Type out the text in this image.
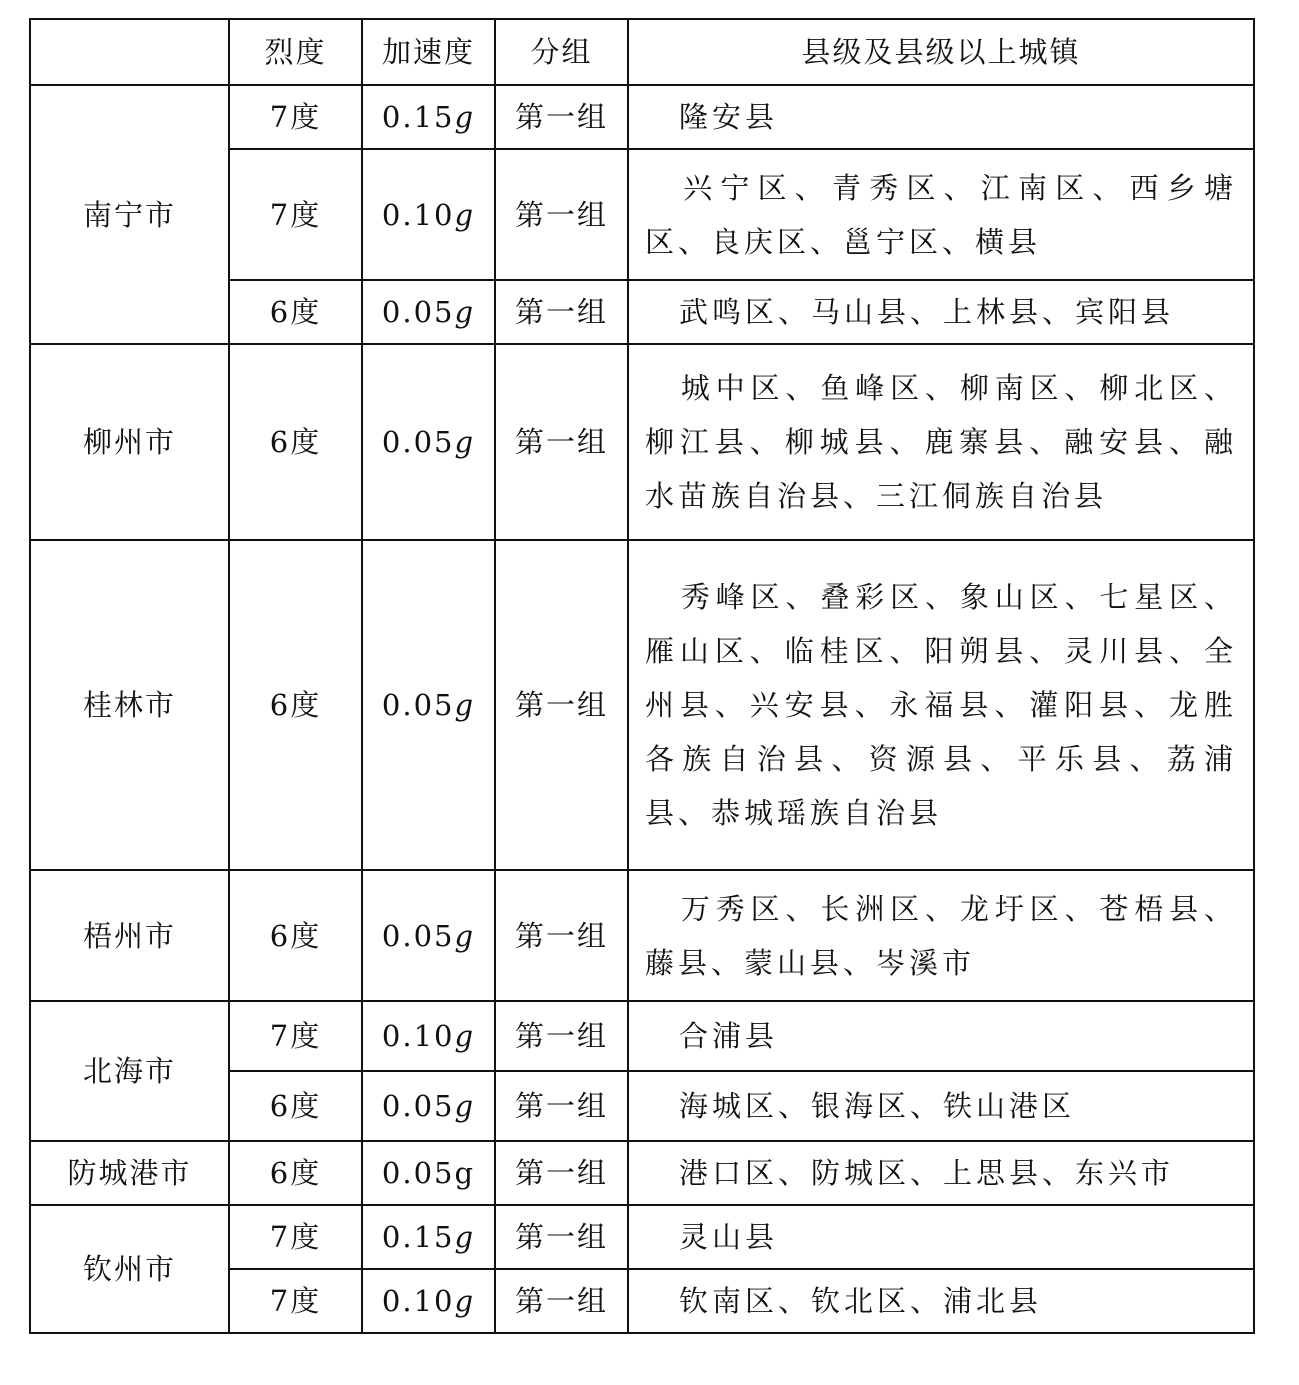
	烈度	加速度	分组	县级及县级以上城镇
南宁市	7度	0.15g	第一组	隆安县
	7度	0.10g	第一组	兴宁区、青秀区、江南区、西乡塘区、良庆区、邕宁区、横县
	6度	0.05g	第一组	武鸣区、马山县、上林县、宾阳县
柳州市	6度	0.05g	第一组	城中区、鱼峰区、柳南区、柳北区、柳江县、柳城县、鹿寨县、融安县、融水苗族自治县、三江侗族自治县
桂林市	6度	0.05g	第一组	秀峰区、叠彩区、象山区、七星区、雁山区、临桂区、阳朔县、灵川县、全州县、兴安县、永福县、灌阳县、龙胜各族自治县、资源县、平乐县、荔浦县、恭城瑶族自治县
梧州市	6度	0.05g	第一组	万秀区、长洲区、龙圩区、苍梧县、藤县、蒙山县、岑溪市
北海市	7度	0.10g	第一组	合浦县
	6度	0.05g	第一组	海城区、银海区、铁山港区
防城港市	6度	0.05g	第一组	港口区、防城区、上思县、东兴市
钦州市	7度	0.15g	第一组	灵山县
	7度	0.10g	第一组	钦南区、钦北区、浦北县
